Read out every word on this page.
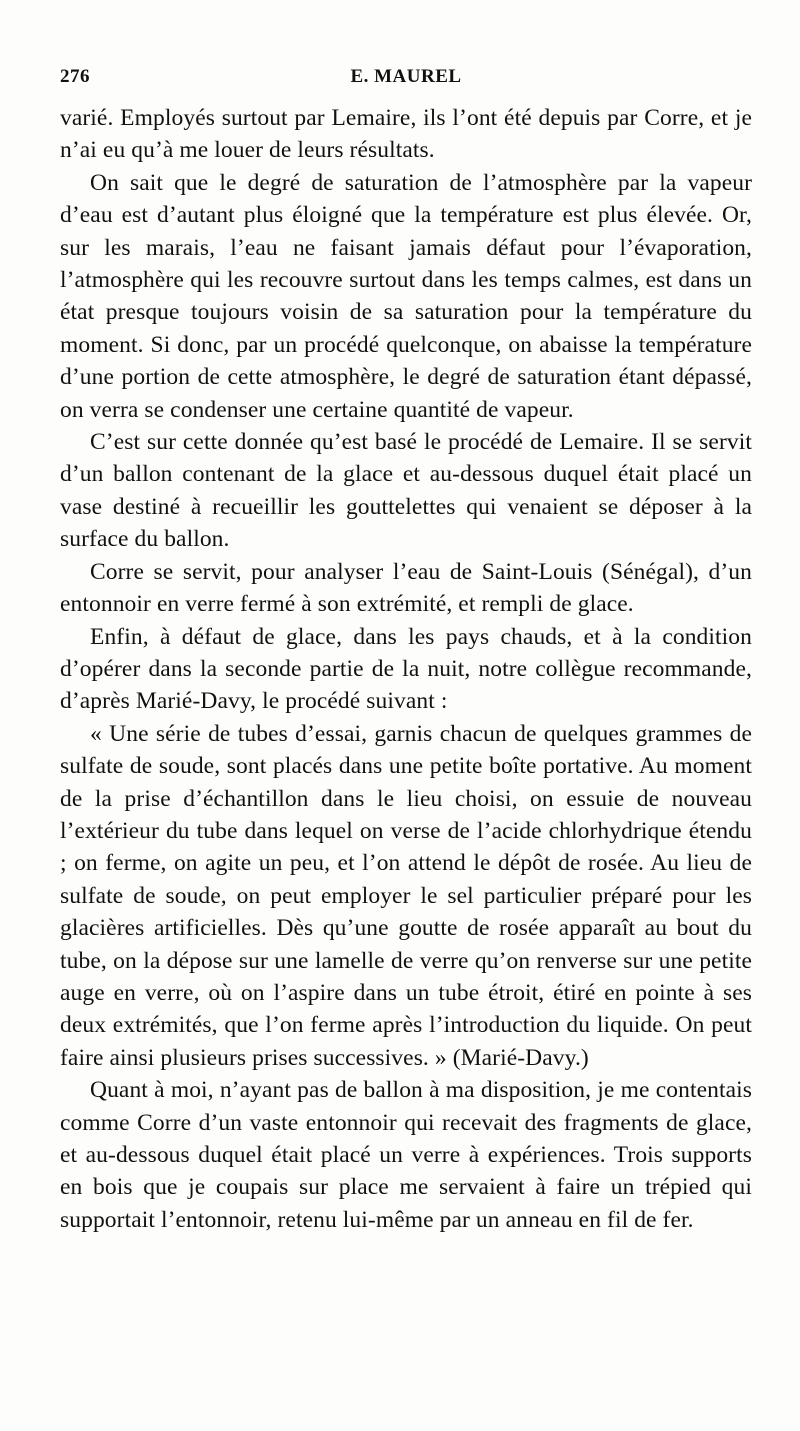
276	E. MAUREL

varié. Employés surtout par Lemaire, ils l’ont été depuis par Corre, et je n’ai eu qu’à me louer de leurs résultats.

On sait que le degré de saturation de l’atmosphère par la vapeur d’eau est d’autant plus éloigné que la température est plus élevée. Or, sur les marais, l’eau ne faisant jamais défaut pour l’évaporation, l’atmosphère qui les recouvre surtout dans les temps calmes, est dans un état presque toujours voisin de sa saturation pour la température du moment. Si donc, par un procédé quelconque, on abaisse la température d’une portion de cette atmosphère, le degré de saturation étant dépassé, on verra se condenser une certaine quantité de vapeur.

C’est sur cette donnée qu’est basé le procédé de Lemaire. Il se servit d’un ballon contenant de la glace et au-dessous duquel était placé un vase destiné à recueillir les gouttelettes qui venaient se déposer à la surface du ballon.

Corre se servit, pour analyser l’eau de Saint-Louis (Sénégal), d’un entonnoir en verre fermé à son extrémité, et rempli de glace.

Enfin, à défaut de glace, dans les pays chauds, et à la condition d’opérer dans la seconde partie de la nuit, notre collègue recommande, d’après Marié-Davy, le procédé suivant :

« Une série de tubes d’essai, garnis chacun de quelques grammes de sulfate de soude, sont placés dans une petite boîte portative. Au moment de la prise d’échantillon dans le lieu choisi, on essuie de nouveau l’extérieur du tube dans lequel on verse de l’acide chlorhydrique étendu ; on ferme, on agite un peu, et l’on attend le dépôt de rosée. Au lieu de sulfate de soude, on peut employer le sel particulier préparé pour les glacières artificielles. Dès qu’une goutte de rosée apparaît au bout du tube, on la dépose sur une lamelle de verre qu’on renverse sur une petite auge en verre, où on l’aspire dans un tube étroit, étiré en pointe à ses deux extrémités, que l’on ferme après l’introduction du liquide. On peut faire ainsi plusieurs prises successives. » (Marié-Davy.)

Quant à moi, n’ayant pas de ballon à ma disposition, je me contentais comme Corre d’un vaste entonnoir qui recevait des fragments de glace, et au-dessous duquel était placé un verre à expériences. Trois supports en bois que je coupais sur place me servaient à faire un trépied qui supportait l’entonnoir, retenu lui-même par un anneau en fil de fer.
